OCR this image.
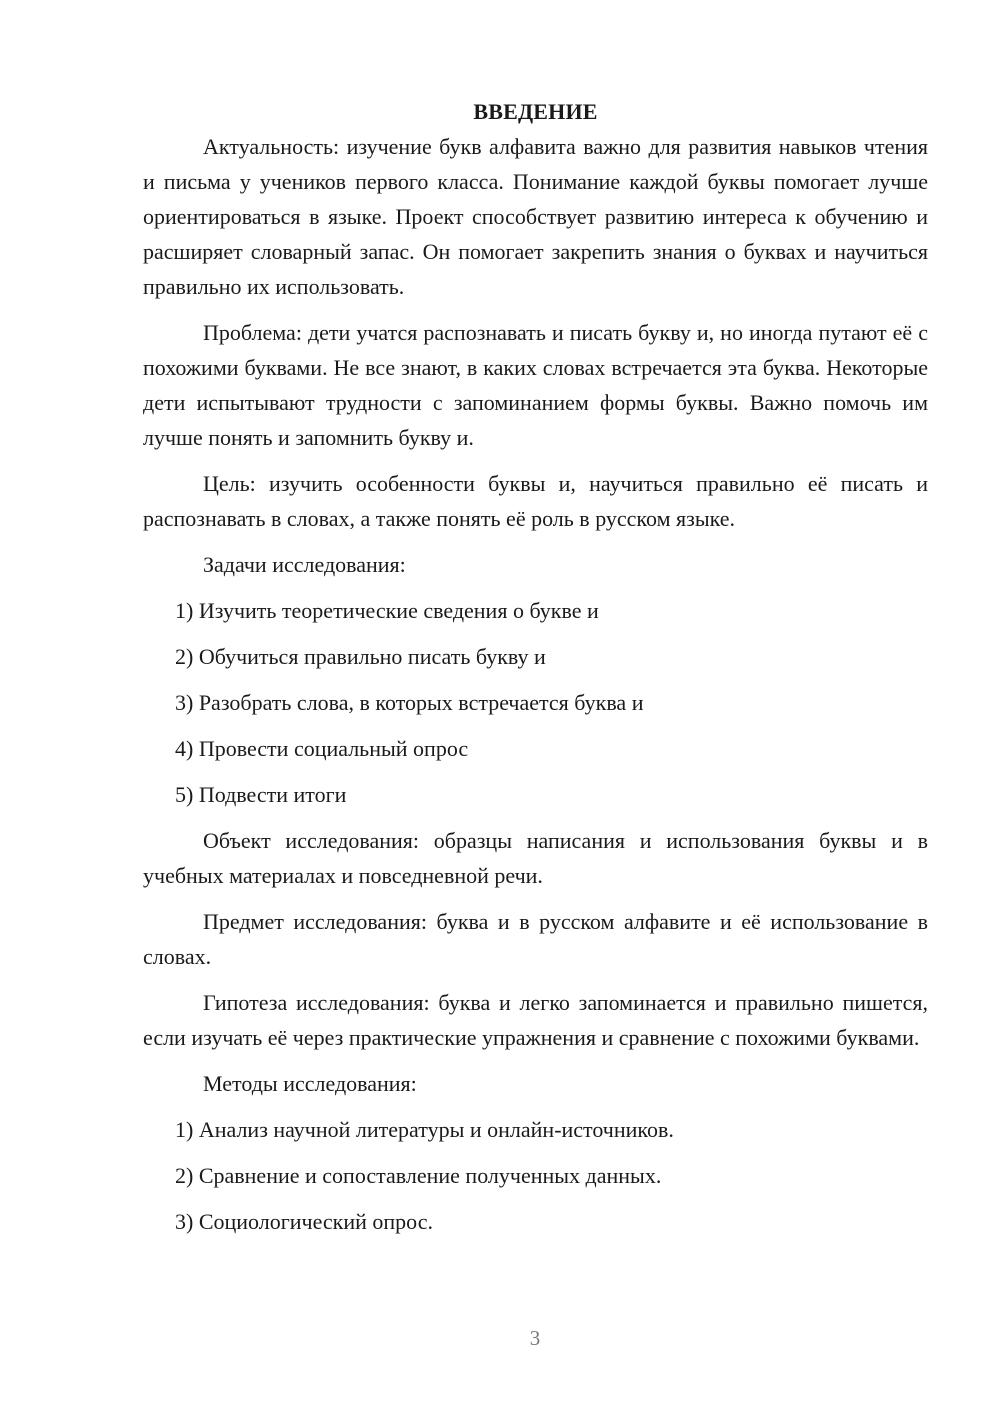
ВВЕДЕНИЕ

Актуальность: изучение букв алфавита важно для развития навыков чтения и письма у учеников первого класса. Понимание каждой буквы помогает лучше ориентироваться в языке. Проект способствует развитию интереса к обучению и расширяет словарный запас. Он помогает закрепить знания о буквах и научиться правильно их использовать.

Проблема: дети учатся распознавать и писать букву и, но иногда путают её с похожими буквами. Не все знают, в каких словах встречается эта буква. Некоторые дети испытывают трудности с запоминанием формы буквы. Важно помочь им лучше понять и запомнить букву и.

Цель: изучить особенности буквы и, научиться правильно её писать и распознавать в словах, а также понять её роль в русском языке.

Задачи исследования:
1) Изучить теоретические сведения о букве и
2) Обучиться правильно писать букву и
3) Разобрать слова, в которых встречается буква и
4) Провести социальный опрос
5) Подвести итоги

Объект исследования: образцы написания и использования буквы и в учебных материалах и повседневной речи.

Предмет исследования: буква и в русском алфавите и её использование в словах.

Гипотеза исследования: буква и легко запоминается и правильно пишется, если изучать её через практические упражнения и сравнение с похожими буквами.

Методы исследования:
1) Анализ научной литературы и онлайн-источников.
2) Сравнение и сопоставление полученных данных.
3) Социологический опрос.
3
